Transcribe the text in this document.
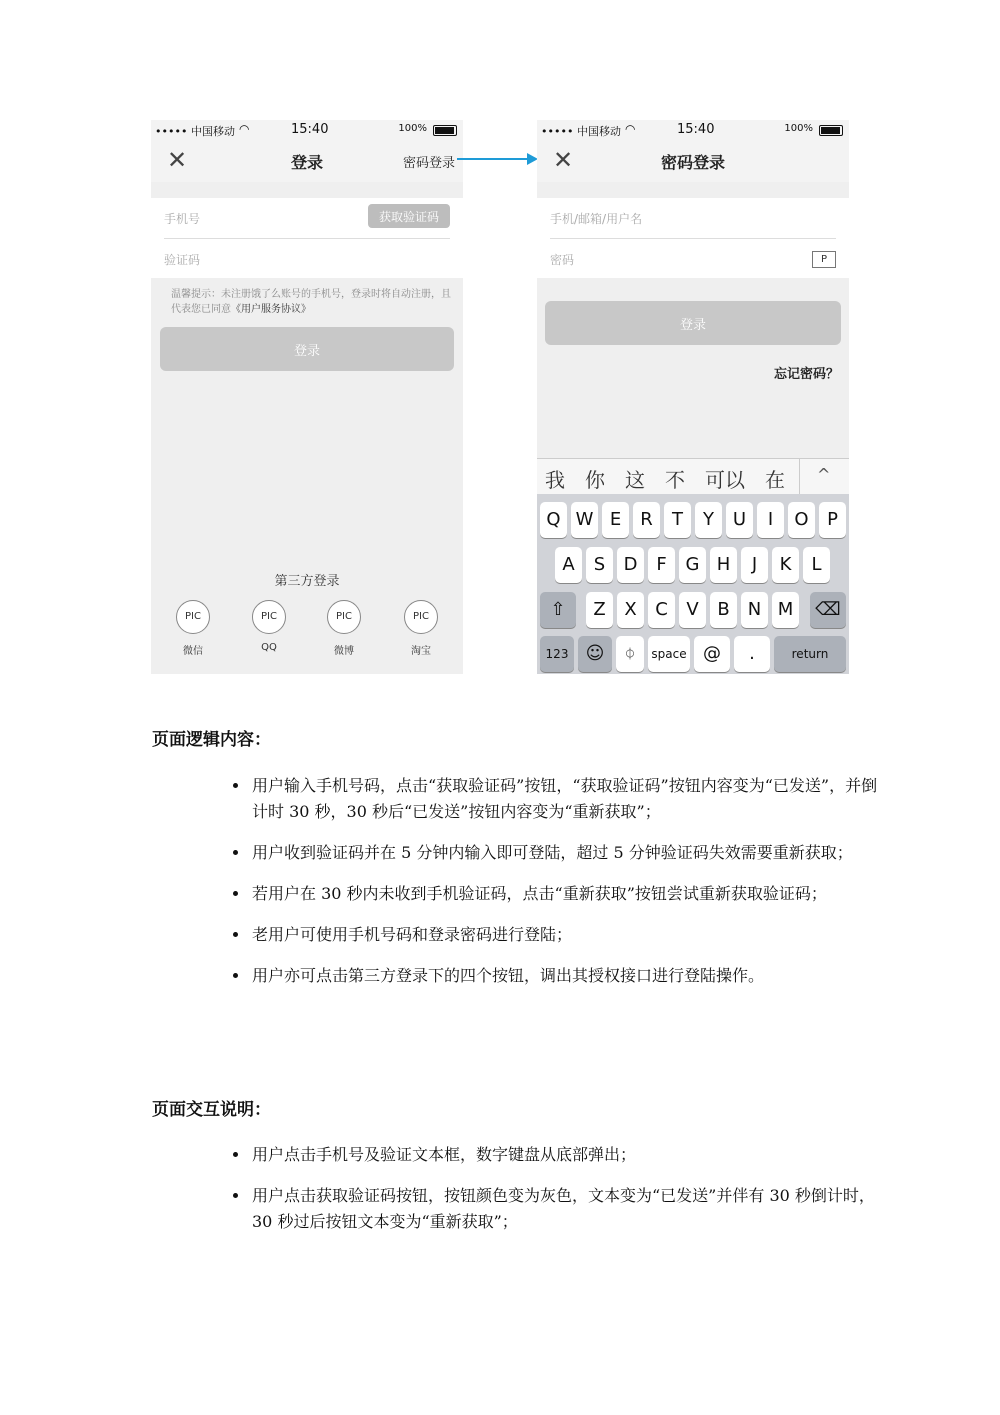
••••• 中国移动 ◠	15:40	100%
✕	登录	密码登录
手机号	获取验证码
验证码
温馨提示：未注册饿了么账号的手机号，登录时将自动注册，且代表您已同意《用户服务协议》
登录
第三方登录
PIC
微信
PIC
QQ
PIC
微博
PIC
淘宝
••••• 中国移动 ◠	15:40	100%
✕	密码登录
手机/邮箱/用户名
密码	P
登录
忘记密码？
我 你 这 不 可以 在 ^
Q W E	R	T	Y	U	I	O	P
A	S	D	F	G H	J	K	L
⇧	Z	X	C	V	B	N M	⌫
123 ☺	⏀	space @	.	return
页面逻辑内容：
• 用户输入手机号码，点击“获取验证码”按钮，“获取验证码”按钮内容变为“已发送”，并倒计时 30 秒，30 秒后“已发送”按钮内容变为“重新获取”；
• 用户收到验证码并在 5 分钟内输入即可登陆，超过 5 分钟验证码失效需要重新获取；
• 若用户在 30 秒内未收到手机验证码，点击“重新获取”按钮尝试重新获取验证码；
• 老用户可使用手机号码和登录密码进行登陆；
• 用户亦可点击第三方登录下的四个按钮，调出其授权接口进行登陆操作。
页面交互说明：
• 用户点击手机号及验证文本框，数字键盘从底部弹出；
• 用户点击获取验证码按钮，按钮颜色变为灰色，文本变为“已发送”并伴有 30 秒倒计时，30 秒过后按钮文本变为“重新获取”；
